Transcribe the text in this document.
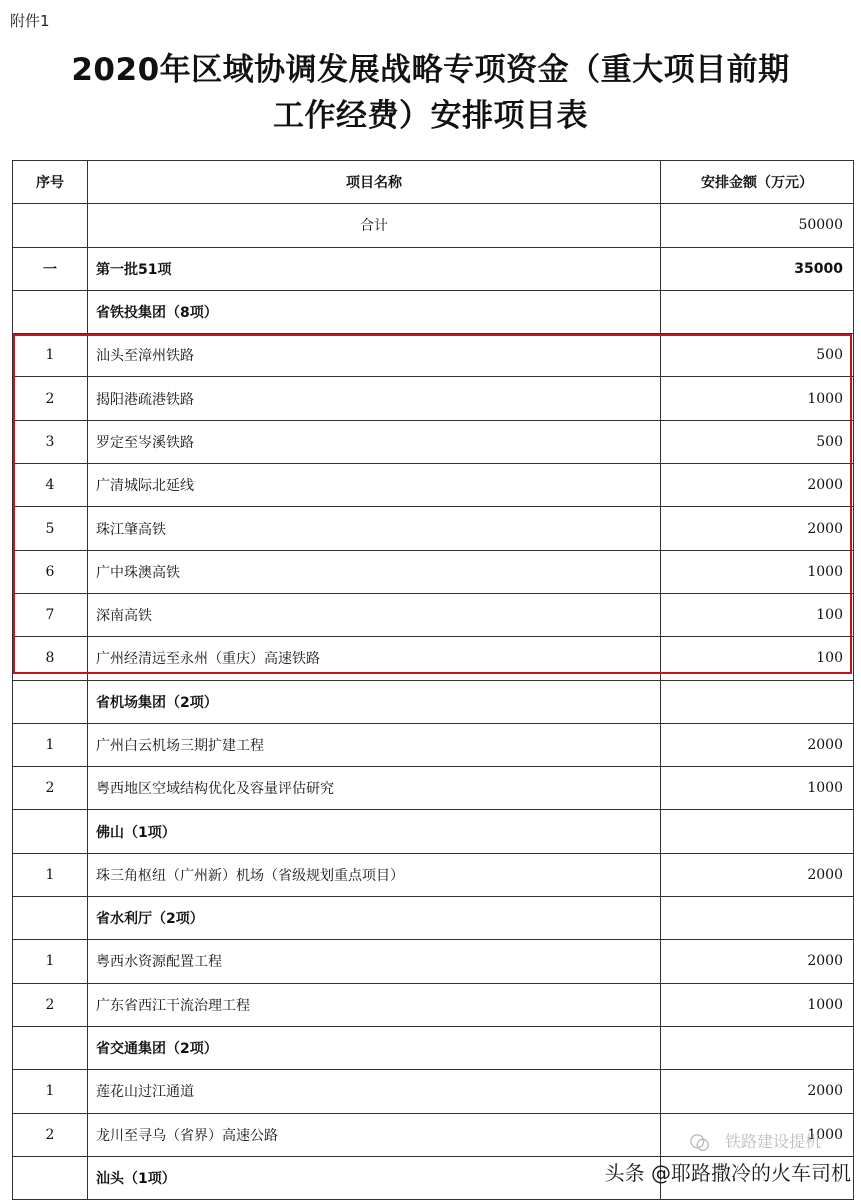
附件1
2020年区域协调发展战略专项资金（重大项目前期
工作经费）安排项目表
序号	项目名称	安排金额（万元）
	合计	50000
一	第一批51项	35000
	省铁投集团（8项）	
1	汕头至漳州铁路	500
2	揭阳港疏港铁路	1000
3	罗定至岑溪铁路	500
4	广清城际北延线	2000
5	珠江肇高铁	2000
6	广中珠澳高铁	1000
7	深南高铁	100
8	广州经清远至永州（重庆）高速铁路	100
	省机场集团（2项）	
1	广州白云机场三期扩建工程	2000
2	粤西地区空域结构优化及容量评估研究	1000
	佛山（1项）	
1	珠三角枢纽（广州新）机场（省级规划重点项目）	2000
	省水利厅（2项）	
1	粤西水资源配置工程	2000
2	广东省西江干流治理工程	1000
	省交通集团（2项）	
1	莲花山过江通道	2000
2	龙川至寻乌（省界）高速公路	1000
	汕头（1项）	
铁路建设提机
头条 @耶路撒冷的火车司机
